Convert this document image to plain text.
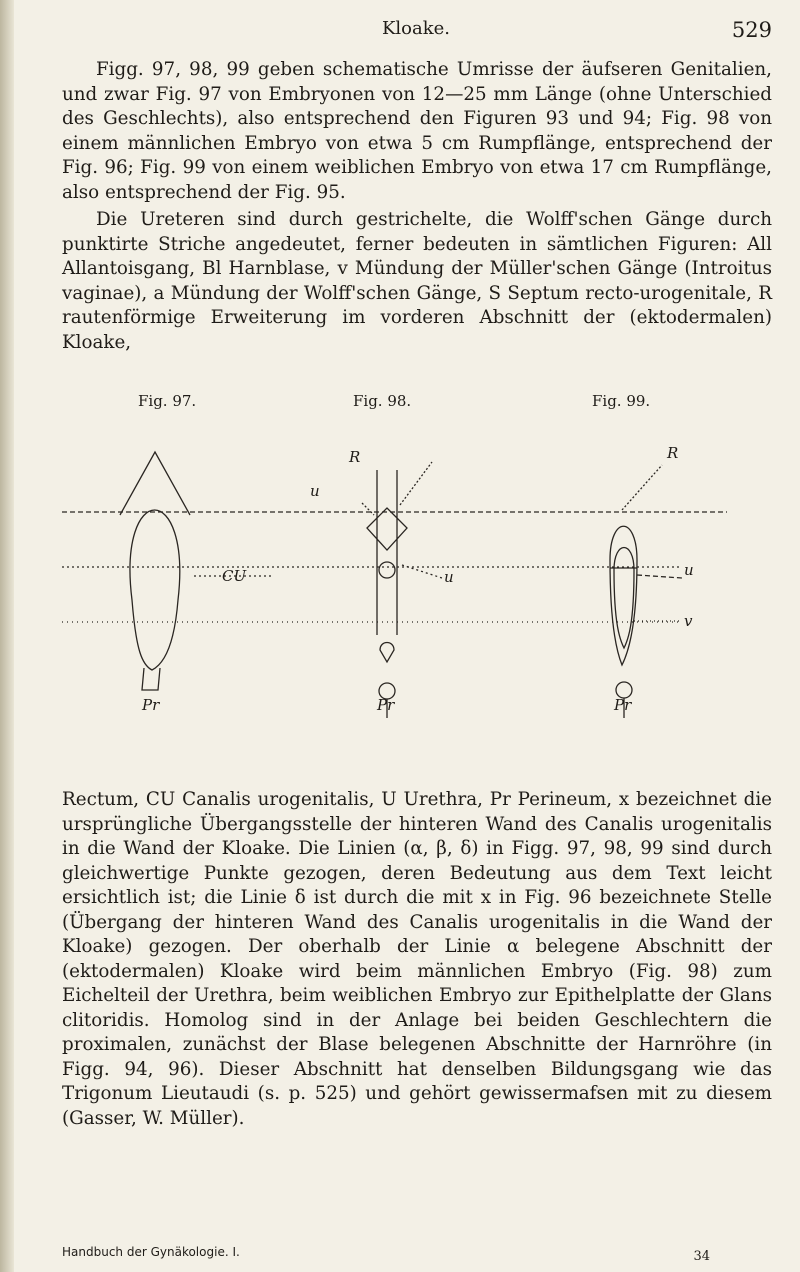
Kloake.	529

Figg. 97, 98, 99 geben schematische Umrisse der äufseren Genitalien, und zwar Fig. 97 von Embryonen von 12—25 mm Länge (ohne Unterschied des Geschlechts), also entsprechend den Figuren 93 und 94; Fig. 98 von einem männlichen Embryo von etwa 5 cm Rumpflänge, entsprechend der Fig. 96; Fig. 99 von einem weiblichen Embryo von etwa 17 cm Rumpflänge, also entsprechend der Fig. 95.

Die Ureteren sind durch gestrichelte, die Wolff'schen Gänge durch punktirte Striche angedeutet, ferner bedeuten in sämtlichen Figuren: All Allantoisgang, Bl Harnblase, v Mündung der Müller'schen Gänge (Introitus vaginae), a Mündung der Wolff'schen Gänge, S Septum recto-urogenitale, R rautenförmige Erweiterung im vorderen Abschnitt der (ektodermalen) Kloake,

Fig. 97.	Fig. 98.	Fig. 99.
CU
u
u	u
v
R	R
Pr	Pr	Pr

Rectum, CU Canalis urogenitalis, U Urethra, Pr Perineum, x bezeichnet die ursprüngliche Übergangsstelle der hinteren Wand des Canalis urogenitalis in die Wand der Kloake. Die Linien (α, β, δ) in Figg. 97, 98, 99 sind durch gleichwertige Punkte gezogen, deren Bedeutung aus dem Text leicht ersichtlich ist; die Linie δ ist durch die mit x in Fig. 96 bezeichnete Stelle (Übergang der hinteren Wand des Canalis urogenitalis in die Wand der Kloake) gezogen. Der oberhalb der Linie α belegene Abschnitt der (ektodermalen) Kloake wird beim männlichen Embryo (Fig. 98) zum Eichelteil der Urethra, beim weiblichen Embryo zur Epithelplatte der Glans clitoridis. Homolog sind in der Anlage bei beiden Geschlechtern die proximalen, zunächst der Blase belegenen Abschnitte der Harnröhre (in Figg. 94, 96). Dieser Abschnitt hat denselben Bildungsgang wie das Trigonum Lieutaudi (s. p. 525) und gehört gewissermafsen mit zu diesem (Gasser, W. Müller).

Handbuch der Gynäkologie. I.	34
